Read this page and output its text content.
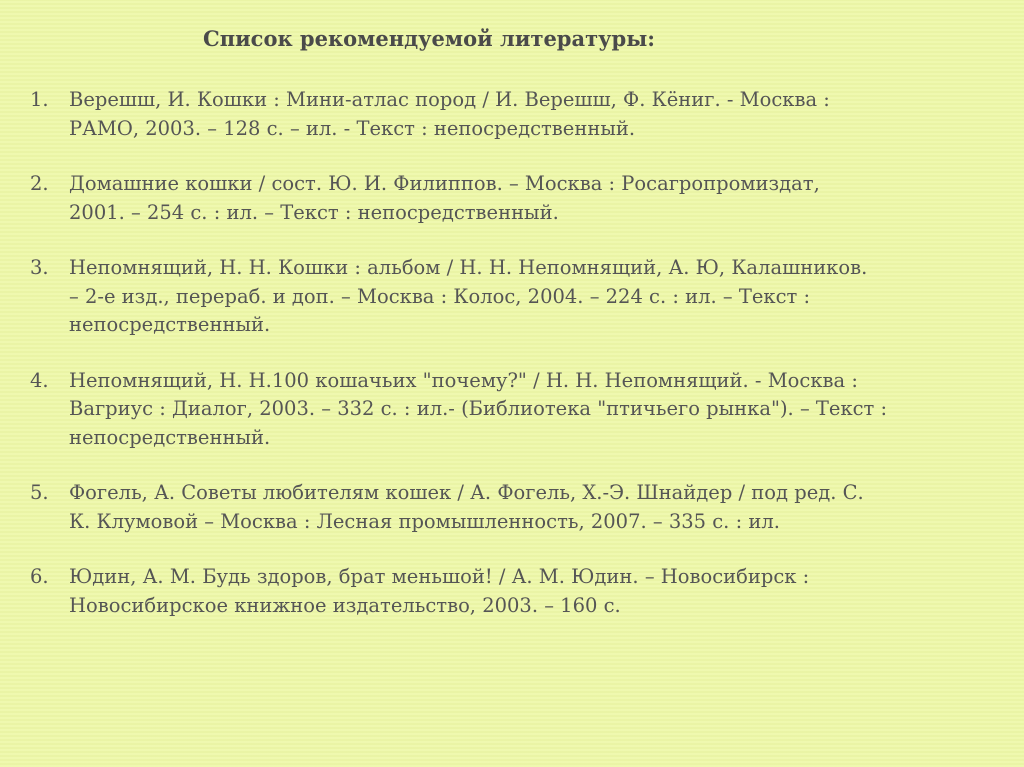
Список рекомендуемой литературы:
1.	Верешш, И. Кошки : Мини-атлас пород / И. Верешш, Ф. Кёниг. - Москва :
РАМО, 2003. – 128 с. – ил. - Текст : непосредственный.
2.	Домашние кошки / сост. Ю. И. Филиппов. – Москва : Росагропромиздат,
2001. – 254 с. : ил. – Текст : непосредственный.
3.	Непомнящий, Н. Н. Кошки : альбом / Н. Н. Непомнящий, А. Ю, Калашников.
– 2-е изд., перераб. и доп. – Москва : Колос, 2004. – 224 с. : ил. – Текст :
непосредственный.
4.	Непомнящий, Н. Н.100 кошачьих "почему?" / Н. Н. Непомнящий. - Москва :
Вагриус : Диалог, 2003. – 332 с. : ил.- (Библиотека "птичьего рынка"). – Текст :
непосредственный.
5.	Фогель, А. Советы любителям кошек / А. Фогель, Х.-Э. Шнайдер / под ред. С.
К. Клумовой – Москва : Лесная промышленность, 2007. – 335 с. : ил.
6.	Юдин, А. М. Будь здоров, брат меньшой! / А. М. Юдин. – Новосибирск :
Новосибирское книжное издательство, 2003. – 160 с.
